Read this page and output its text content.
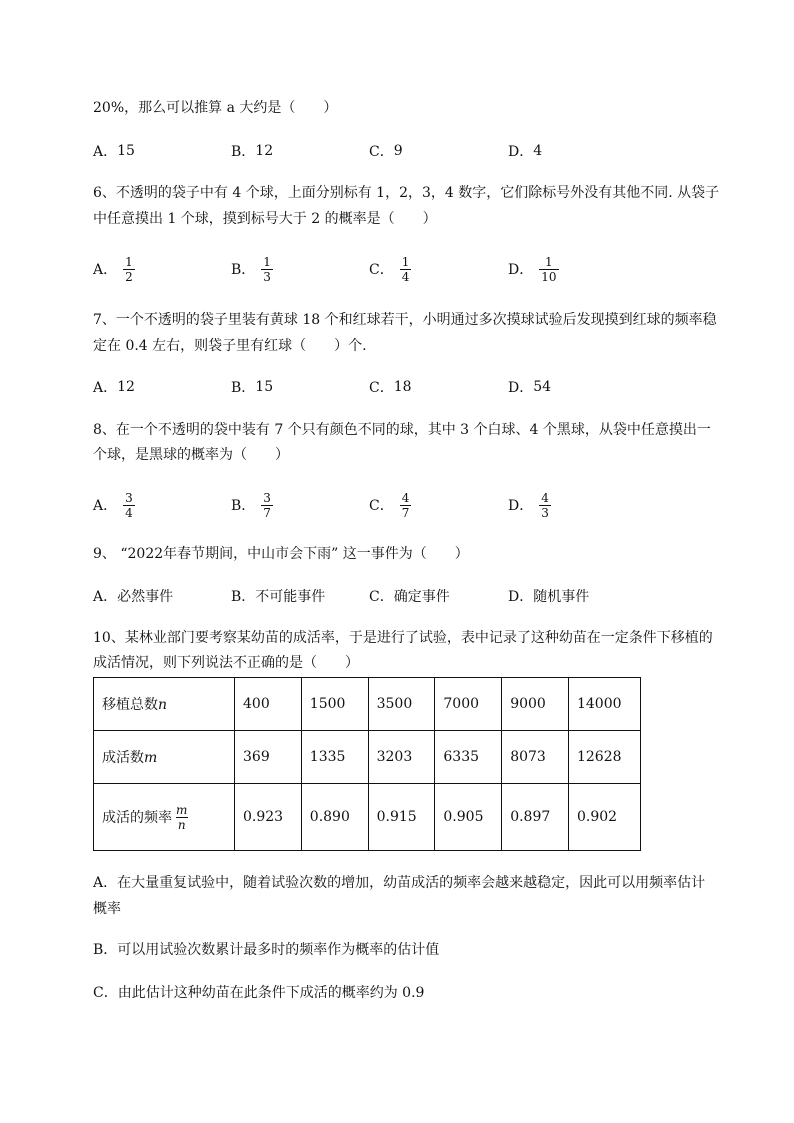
20%，那么可以推算 a 大约是（　　）
A． 15	B． 12	C． 9	D． 4
6、不透明的袋子中有 4 个球，上面分别标有 1，2，3，4 数字，它们除标号外没有其他不同. 从袋子
中任意摸出 1 个球，摸到标号大于 2 的概率是（　　）
A． $\frac{1}{2}$	B． $\frac{1}{3}$	C． $\frac{1}{4}$	D． $\frac{1}{10}$
7、一个不透明的袋子里装有黄球 18 个和红球若干，小明通过多次摸球试验后发现摸到红球的频率稳
定在 0.4 左右，则袋子里有红球（　　）个.
A． 12	B． 15	C． 18	D． 54
8、在一个不透明的袋中装有 7 个只有颜色不同的球，其中 3 个白球、4 个黑球，从袋中任意摸出一
个球，是黑球的概率为（　　）
A． $\frac{3}{4}$	B． $\frac{3}{7}$	C． $\frac{4}{7}$	D． $\frac{4}{3}$
9、 “2022年春节期间，中山市会下雨” 这一事件为（　　）
A． 必然事件	B． 不可能事件	C． 确定事件	D． 随机事件
10、某林业部门要考察某幼苗的成活率，于是进行了试验，表中记录了这种幼苗在一定条件下移植的
成活情况，则下列说法不正确的是（　　）
移植总数n	400	1500	3500	7000	9000	14000
成活数m	369	1335	3203	6335	8073	12628

成活的频率 $\frac{m}{n}$	0.923	0.890	0.915	0.905	0.897	0.902
A．在大量重复试验中，随着试验次数的增加，幼苗成活的频率会越来越稳定，因此可以用频率估计
概率
B．可以用试验次数累计最多时的频率作为概率的估计值
C．由此估计这种幼苗在此条件下成活的概率约为 0.9
